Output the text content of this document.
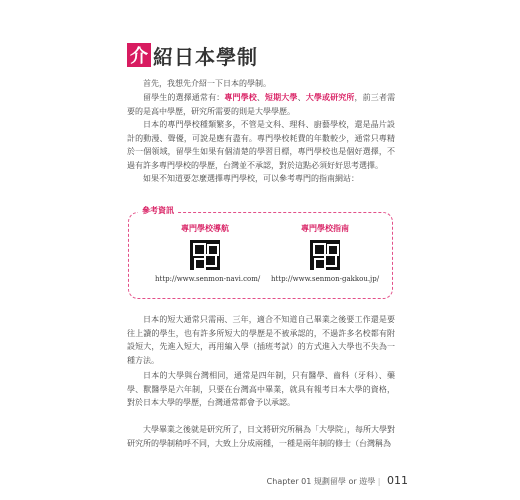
介 紹日本學制

首先，我想先介紹一下日本的學制。

留學生的選擇通常有：專門學校、短期大學、大學或研究所，前三者需要的是高中學歷，研究所需要的則是大學學歷。

日本的專門學校種類繁多，不管是文科、理科、廚藝學校，還是晶片設計的動漫、聲優，可說是應有盡有。專門學校耗費的年數較少，通常只專精於一個領域，留學生如果有個清楚的學習目標，專門學校也是個好選擇，不過有許多專門學校的學歷，台灣並不承認，對於這點必須好好思考選擇。

如果不知道要怎麼選擇專門學校，可以參考專門的指南網站：

參考資訊
專門學校導航
http://www.senmon-navi.com/
專門學校指南
http://www.senmon-gakkou.jp/

日本的短大通常只需兩、三年，適合不知道自己畢業之後要工作還是要往上讀的學生，也有許多所短大的學歷是不被承認的，不過許多名校都有附設短大，先進入短大，再用編入學（插班考試）的方式進入大學也不失為一種方法。

日本的大學與台灣相同，通常是四年制，只有醫學、齒科（牙科）、藥學、獸醫學是六年制，只要在台灣高中畢業，就具有報考日本大學的資格，對於日本大學的學歷，台灣通常都會予以承認。

大學畢業之後就是研究所了，日文將研究所稱為「大學院」，每所大學對研究所的學制稍呼不同，大致上分成兩種，一種是兩年制的修士（台灣稱為

Chapter 01 規劃留學 or 遊學 | 011
